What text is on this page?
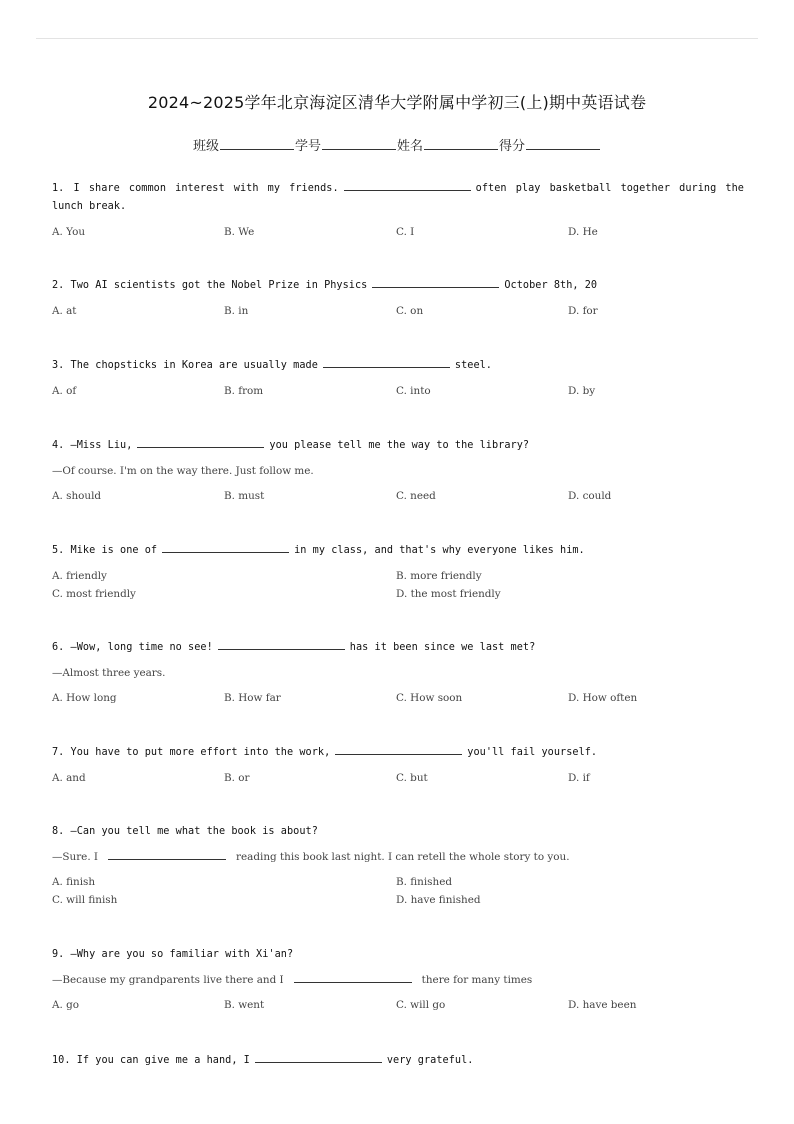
2024~2025学年北京海淀区清华大学附属中学初三(上)期中英语试卷
班级	学号	姓名	得分
1. I share common interest with my friends.	often play basketball together during the lunch break.
A. You	B. We	C. I	D. He
2. Two AI scientists got the Nobel Prize in Physics	October 8th, 20
A. at	B. in	C. on	D. for
3. The chopsticks in Korea are usually made	steel.
A. of	B. from	C. into	D. by
4. —Miss Liu,	you please tell me the way to the library?
—Of course. I'm on the way there. Just follow me.
A. should	B. must	C. need	D. could
5. Mike is one of	in my class, and that's why everyone likes him.
A. friendly	B. more friendly
C. most friendly	D. the most friendly
6. —Wow, long time no see!	has it been since we last met?
—Almost three years.
A. How long	B. How far	C. How soon	D. How often
7. You have to put more effort into the work,	you'll fail yourself.
A. and	B. or	C. but	D. if
8. —Can you tell me what the book is about?
—Sure. I	reading this book last night. I can retell the whole story to you.
A. finish	B. finished
C. will finish	D. have finished
9. —Why are you so familiar with Xi'an?
—Because my grandparents live there and I	there for many times
A. go	B. went	C. will go	D. have been
10. If you can give me a hand, I	very grateful.
